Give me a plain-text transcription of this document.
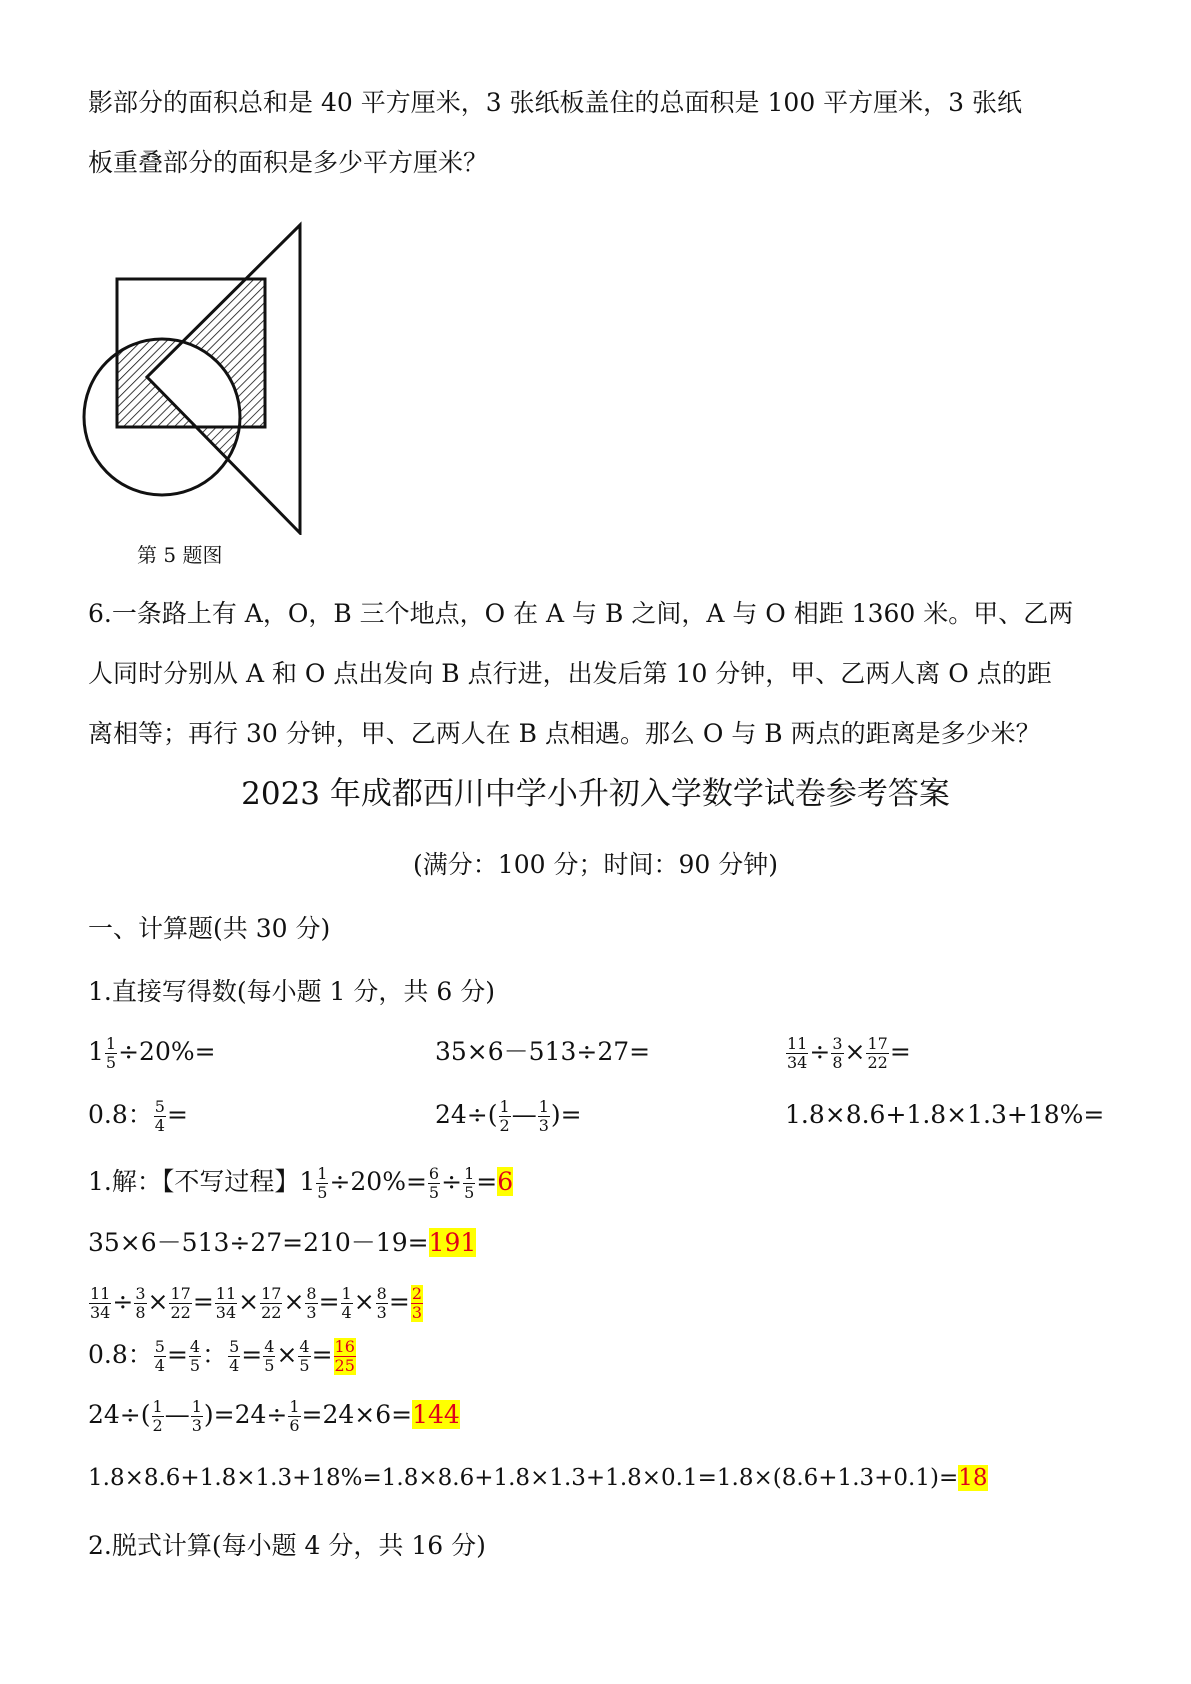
影部分的面积总和是 40 平方厘米，3 张纸板盖住的总面积是 100 平方厘米，3 张纸
板重叠部分的面积是多少平方厘米？
第 5 题图
6.一条路上有 A，O，B 三个地点，O 在 A 与 B 之间，A 与 O 相距 1360 米。甲、乙两
人同时分别从 A 和 O 点出发向 B 点行进，出发后第 10 分钟，甲、乙两人离 O 点的距
离相等；再行 30 分钟，甲、乙两人在 B 点相遇。那么 O 与 B 两点的距离是多少米？
2023 年成都西川中学小升初入学数学试卷参考答案
(满分：100 分；时间：90 分钟)
一、计算题(共 30 分)
1.直接写得数(每小题 1 分，共 6 分)
$1 \frac{1}{5} \div 20\%=$	35×6－513÷27=	$\frac{11}{34} \div \frac{3}{8} \times \frac{17}{22}$ =
0.8： $\frac{5}{4}$ =	$24\div( \frac{1}{2}$ — $\frac{1}{3}$ )=	1.8×8.6+1.8×1.3+18%=
1.解：【不写过程】$1 \frac{1}{5} \div 20\%= \frac{6}{5} \div \frac{1}{5} =6$
35×6－513÷27=210－19=191
$\frac{11}{34} \div \frac{3}{8} \times \frac{17}{22} = \frac{11}{34} \times \frac{17}{22} \times \frac{8}{3} = \frac{1}{4} \times \frac{8}{3} = \frac{2}{3}$
0.8： $\frac{5}{4} = \frac{4}{5}$ ： $\frac{5}{4} = \frac{4}{5} \times \frac{4}{5} = \frac{16}{25}$
$24\div( \frac{1}{2}$ — $\frac{1}{3} )=24\div \frac{1}{6} =24\times 6=144$
1.8×8.6+1.8×1.3+18%=1.8×8.6+1.8×1.3+1.8×0.1=1.8×(8.6+1.3+0.1)=18
2.脱式计算(每小题 4 分，共 16 分)
